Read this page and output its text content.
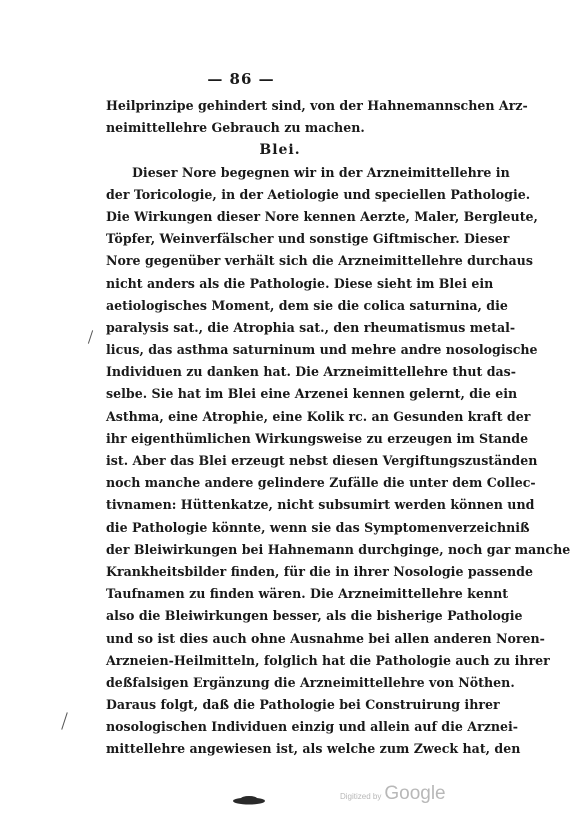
— 86 —
Heilprinzipe gehindert sind, von der Hahnemannschen Arz-
neimittellehre Gebrauch zu machen.
Blei.
Dieser Nore begegnen wir in der Arzneimittellehre in
der Toricologie, in der Aetiologie und speciellen Pathologie.
Die Wirkungen dieser Nore kennen Aerzte, Maler, Bergleute,
Töpfer, Weinverfälscher und sonstige Giftmischer. Dieser
Nore gegenüber verhält sich die Arzneimittellehre durchaus
nicht anders als die Pathologie. Diese sieht im Blei ein
aetiologisches Moment, dem sie die colica saturnina, die
paralysis sat., die Atrophia sat., den rheumatismus metal-
licus, das asthma saturninum und mehre andre nosologische
Individuen zu danken hat. Die Arzneimittellehre thut das-
selbe. Sie hat im Blei eine Arzenei kennen gelernt, die ein
Asthma, eine Atrophie, eine Kolik rc. an Gesunden kraft der
ihr eigenthümlichen Wirkungsweise zu erzeugen im Stande
ist. Aber das Blei erzeugt nebst diesen Vergiftungszuständen
noch manche andere gelindere Zufälle die unter dem Collec-
tivnamen: Hüttenkatze, nicht subsumirt werden können und
die Pathologie könnte, wenn sie das Symptomenverzeichniß
der Bleiwirkungen bei Hahnemann durchginge, noch gar manche
Krankheitsbilder finden, für die in ihrer Nosologie passende
Taufnamen zu finden wären. Die Arzneimittellehre kennt
also die Bleiwirkungen besser, als die bisherige Pathologie
und so ist dies auch ohne Ausnahme bei allen anderen Noren-
Arzneien-Heilmitteln, folglich hat die Pathologie auch zu ihrer
deßfalsigen Ergänzung die Arzneimittellehre von Nöthen.
Daraus folgt, daß die Pathologie bei Construirung ihrer
nosologischen Individuen einzig und allein auf die Arznei-
mittellehre angewiesen ist, als welche zum Zweck hat, den
Digitized by Google
